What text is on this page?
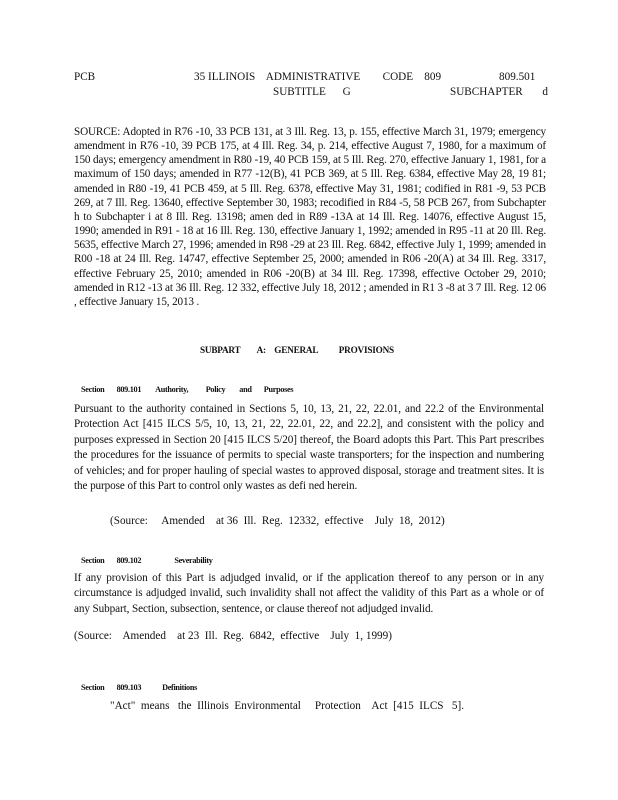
PCB	35 ILLINOIS    ADMINISTRATIVE        CODE    809	809.501
SUBTITLE      G	SUBCHAPTER       d
SOURCE: Adopted in R76 -10, 33 PCB 131, at 3 Ill. Reg. 13, p. 155, effective March 31, 1979; emergency amendment in R76 -10, 39 PCB 175, at 4 Ill. Reg. 34, p. 214, effective August 7, 1980, for a maximum of 150 days; emergency amendment in R80 -19, 40 PCB 159, at 5 Ill. Reg. 270, effective January 1, 1981, for a maximum of 150 days; amended in R77 -12(B), 41 PCB 369, at 5 Ill. Reg. 6384, effective May 28, 19 81; amended in R80 -19, 41 PCB 459, at 5 Ill. Reg. 6378, effective May 31, 1981; codified in R81 -9, 53 PCB 269, at 7 Ill. Reg. 13640, effective September 30, 1983; recodified in R84 -5, 58 PCB 267, from Subchapter h to Subchapter i at 8 Ill. Reg. 13198; amen ded in R89 -13A at 14 Ill. Reg. 14076, effective August 15, 1990; amended in R91 - 18 at 16 Ill. Reg. 130, effective January 1, 1992; amended in R95 -11 at 20 Ill. Reg. 5635, effective March 27, 1996; amended in R98 -29 at 23 Ill. Reg. 6842, effective July 1, 1999; amended in R00 -18 at 24 Ill. Reg. 14747, effective September 25, 2000; amended in R06 -20(A) at 34 Ill. Reg. 3317, effective February 25, 2010; amended in R06 -20(B) at 34 Ill. Reg. 17398, effective October 29, 2010; amended in R12 -13 at 36 Ill. Reg. 12 332, effective July 18, 2012 ; amended in R1 3 -8 at 3 7 Ill. Reg. 12 06 , effective January 15, 2013 .
SUBPART        A:    GENERAL          PROVISIONS

Section       809.101 Authority,          Policy        and       Purposes

Pursuant to the authority contained in Sections 5, 10, 13, 21, 22, 22.01, and 22.2 of the Environmental Protection Act [415 ILCS 5/5, 10, 13, 21, 22, 22.01, 22, and 22.2], and consistent with the policy and purposes expressed in Section 20 [415 ILCS 5/20] thereof, the Board adopts this Part. This Part prescribes the procedures for the issuance of permits to special waste transporters; for the inspection and numbering of vehicles; and for proper hauling of special wastes to approved disposal, storage and treatment sites. It is the purpose of this Part to control only wastes as defi ned herein.
(Source:     Amended    at 36  Ill.  Reg.  12332,  effective    July  18,  2012)

Section       809.102	Severability

If any provision of this Part is adjudged invalid, or if the application thereof to any person or in any circumstance is adjudged invalid, such invalidity shall not affect the validity of this Part as a whole or of any Subpart, Section, subsection, sentence, or clause thereof not adjudged invalid.
(Source:    Amended    at 23  Ill.  Reg.  6842,  effective    July  1, 1999)

Section       809.103	Definitions

"Act"  means   the  Illinois  Environmental     Protection    Act  [415  ILCS   5].
